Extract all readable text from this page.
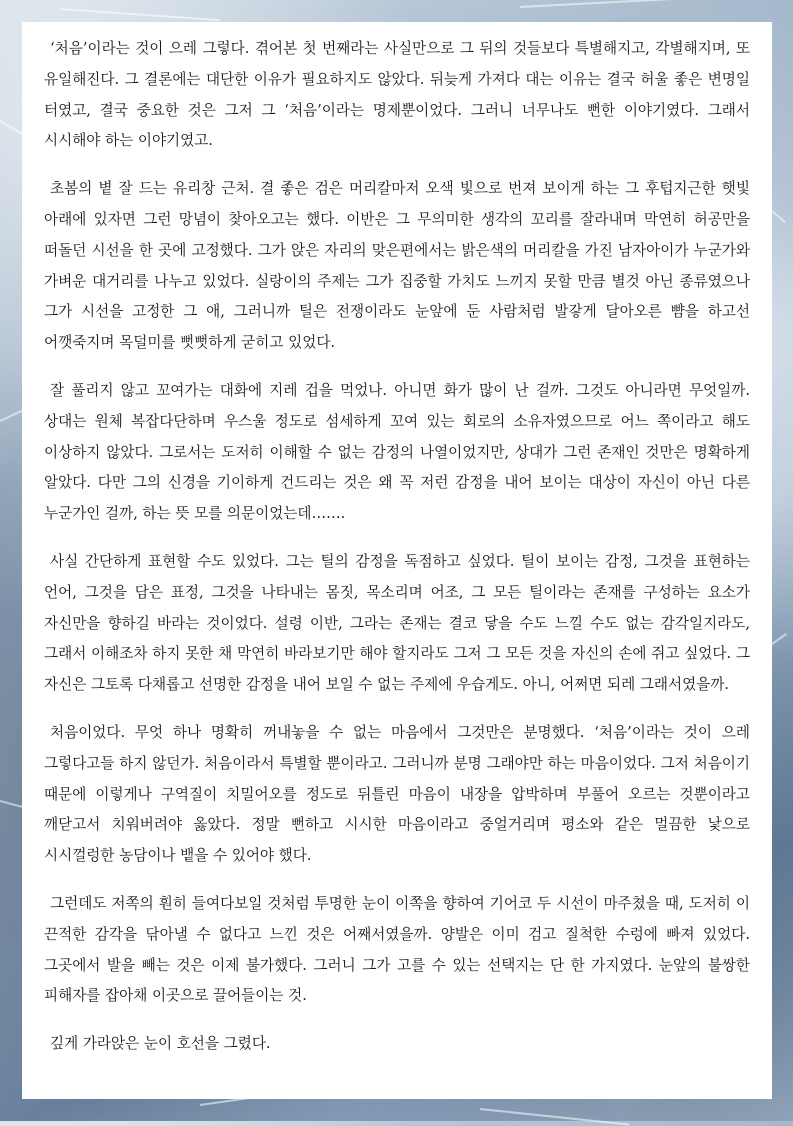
‘처음’이라는 것이 으레 그렇다. 겪어본 첫 번째라는 사실만으로 그 뒤의 것들보다 특별해지고, 각별해지며, 또 유일해진다. 그 결론에는 대단한 이유가 필요하지도 않았다. 뒤늦게 가져다 대는 이유는 결국 허울 좋은 변명일 터였고, 결국 중요한 것은 그저 그 ‘처음’이라는 명제뿐이었다. 그러니 너무나도 뻔한 이야기였다. 그래서 시시해야 하는 이야기였고.

초봄의 볕 잘 드는 유리창 근처. 결 좋은 검은 머리칼마저 오색 빛으로 번져 보이게 하는 그 후텁지근한 햇빛 아래에 있자면 그런 망념이 찾아오고는 했다. 이반은 그 무의미한 생각의 꼬리를 잘라내며 막연히 허공만을 떠돌던 시선을 한 곳에 고정했다. 그가 앉은 자리의 맞은편에서는 밝은색의 머리칼을 가진 남자아이가 누군가와 가벼운 대거리를 나누고 있었다. 실랑이의 주제는 그가 집중할 가치도 느끼지 못할 만큼 별것 아닌 종류였으나 그가 시선을 고정한 그 애, 그러니까 틸은 전쟁이라도 눈앞에 둔 사람처럼 발갛게 달아오른 뺨을 하고선 어깻죽지며 목덜미를 뻣뻣하게 굳히고 있었다.

잘 풀리지 않고 꼬여가는 대화에 지레 겁을 먹었나. 아니면 화가 많이 난 걸까. 그것도 아니라면 무엇일까. 상대는 원체 복잡다단하며 우스울 정도로 섬세하게 꼬여 있는 회로의 소유자였으므로 어느 쪽이라고 해도 이상하지 않았다. 그로서는 도저히 이해할 수 없는 감정의 나열이었지만, 상대가 그런 존재인 것만은 명확하게 알았다. 다만 그의 신경을 기이하게 건드리는 것은 왜 꼭 저런 감정을 내어 보이는 대상이 자신이 아닌 다른 누군가인 걸까, 하는 뜻 모를 의문이었는데…….

사실 간단하게 표현할 수도 있었다. 그는 틸의 감정을 독점하고 싶었다. 틸이 보이는 감정, 그것을 표현하는 언어, 그것을 담은 표정, 그것을 나타내는 몸짓, 목소리며 어조, 그 모든 틸이라는 존재를 구성하는 요소가 자신만을 향하길 바라는 것이었다. 설령 이반, 그라는 존재는 결코 닿을 수도 느낄 수도 없는 감각일지라도, 그래서 이해조차 하지 못한 채 막연히 바라보기만 해야 할지라도 그저 그 모든 것을 자신의 손에 쥐고 싶었다. 그 자신은 그토록 다채롭고 선명한 감정을 내어 보일 수 없는 주제에 우습게도. 아니, 어쩌면 되레 그래서였을까.

처음이었다. 무엇 하나 명확히 꺼내놓을 수 없는 마음에서 그것만은 분명했다. ‘처음’이라는 것이 으레 그렇다고들 하지 않던가. 처음이라서 특별할 뿐이라고. 그러니까 분명 그래야만 하는 마음이었다. 그저 처음이기 때문에 이렇게나 구역질이 치밀어오를 정도로 뒤틀린 마음이 내장을 압박하며 부풀어 오르는 것뿐이라고 깨닫고서 치워버려야 옳았다. 정말 뻔하고 시시한 마음이라고 중얼거리며 평소와 같은 멀끔한 낯으로 시시껄렁한 농담이나 뱉을 수 있어야 했다.

그런데도 저쪽의 훤히 들여다보일 것처럼 투명한 눈이 이쪽을 향하여 기어코 두 시선이 마주쳤을 때, 도저히 이 끈적한 감각을 닦아낼 수 없다고 느낀 것은 어째서였을까. 양발은 이미 검고 질척한 수렁에 빠져 있었다. 그곳에서 발을 빼는 것은 이제 불가했다. 그러니 그가 고를 수 있는 선택지는 단 한 가지였다. 눈앞의 불쌍한 피해자를 잡아채 이곳으로 끌어들이는 것.

깊게 가라앉은 눈이 호선을 그렸다.
